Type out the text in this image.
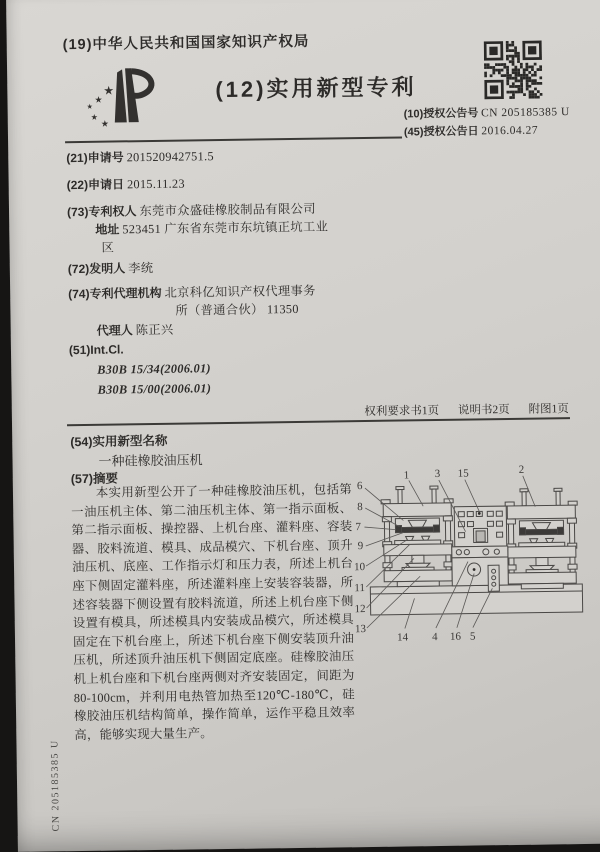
(19)中华人民共和国国家知识产权局
★
★
★
★
★
(12)实用新型专利
(10)授权公告号 CN 205185385 U
(45)授权公告日 2016.04.27
(21)申请号 201520942751.5
(22)申请日 2015.11.23
(73)专利权人 东莞市众盛硅橡胶制品有限公司
地址 523451 广东省东莞市东坑镇正坑工业
区
(72)发明人 李统
(74)专利代理机构 北京科亿知识产权代理事务
所（普通合伙） 11350
代理人 陈正兴
(51)Int.Cl.
B30B 15/34(2006.01)
B30B 15/00(2006.01)
权利要求书1页 说明书2页 附图1页
(54)实用新型名称
一种硅橡胶油压机
(57)摘要

本实用新型公开了一种硅橡胶油压机，包括第一油压机主体、第二油压机主体、第一指示面板、第二指示面板、操控器、上机台座、灌料座、容装器、胶料流道、模具、成品模穴、下机台座、顶升油压机、底座、工作指示灯和压力表，所述上机台座下侧固定灌料座，所述灌料座上安装容装器，所述容装器下侧设置有胶料流道，所述上机台座下侧设置有模具，所述模具内安装成品模穴，所述模具固定在下机台座上，所述下机台座下侧安装顶升油压机，所述顶升油压机下侧固定底座。硅橡胶油压机上机台座和下机台座两侧对齐安装固定，间距为80-100cm，并利用电热管加热至120℃-180℃，硅橡胶油压机结构简单，操作简单，运作平稳且效率高，能够实现大量生产。

6
1 3 15	2
8
7
9
10
11
12
13
14 4 16 5
CN 205185385 U
